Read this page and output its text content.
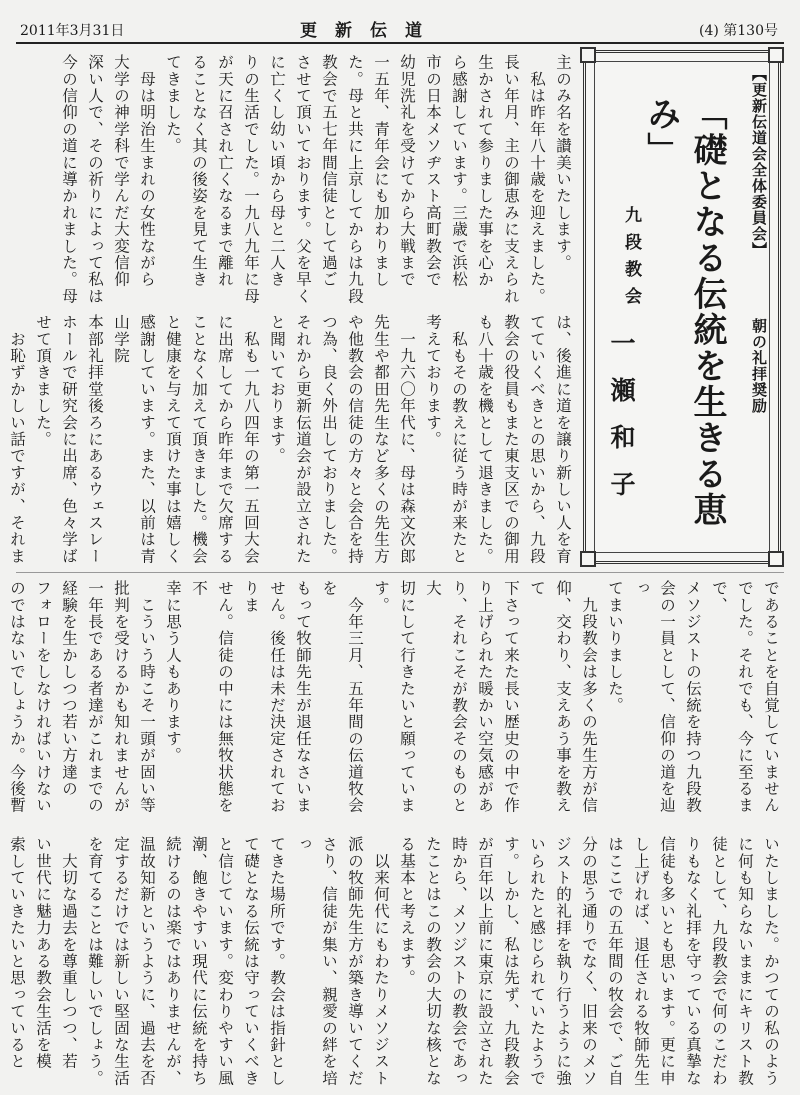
2011年3月31日	更新伝道	(4) 第130号
【更新伝道会全体委員会】
朝の礼拝奨励
「礎となる伝統を生きる恵み」
九段教会
一瀬和子
主のみ名を讃美いたします。
　私は昨年八十歳を迎えました。
長い年月、主の御恵みに支えられ
生かされて参りました事を心か
ら感謝しています。三歳で浜松
市の日本メソヂスト高町教会で
幼児洗礼を受けてから大戦まで
一五年、青年会にも加わりまし
た。母と共に上京してからは九段
教会で五七年間信徒として過ご
させて頂いております。父を早く
に亡くし幼い頃から母と二人き
りの生活でした。一九八九年に母
が天に召され亡くなるまで離れ
ることなく其の後姿を見て生き
てきました。
　母は明治生まれの女性ながら
大学の神学科で学んだ大変信仰
深い人で、その祈りによって私は
今の信仰の道に導かれました。母
は、後進に道を譲り新しい人を育
てていくべきとの思いから、九段
教会の役員もまた東支区での御用
も八十歳を機として退きました。
　私もその教えに従う時が来たと
考えております。
　一九六〇年代に、母は森文次郎
先生や都田先生など多くの先生方
や他教会の信徒の方々と会合を持
つ為、良く外出しておりました。
それから更新伝道会が設立された
と聞いております。
　私も一九八四年の第一五回大会
に出席してから昨年まで欠席する
ことなく加えて頂きました。機会
と健康を与えて頂けた事は嬉しく
感謝しています。また、以前は青山学院
本部礼拝堂後ろにあるウェスレー
ホールで研究会に出席、色々学ば
せて頂きました。
　お恥ずかしい話ですが、それま

であることを自覚していません
でした。それでも、今に至るまで、
メソジストの伝統を持つ九段教
会の一員として、信仰の道を辿っ
てまいりました。
　九段教会は多くの先生方が信
仰、交わり、支えあう事を教えて
下さって来た長い歴史の中で作
り上げられた暖かい空気感があ
り、それこそが教会そのものと大
切にして行きたいと願っています。
　今年三月、五年間の伝道牧会を
もって牧師先生が退任なさいま
せん。後任は未だ決定されておりま
せん。信徒の中には無牧状態を不
幸に思う人もあります。
　こういう時こそ一頭が固い等
批判を受けるかも知れませんが
一年長である者達がこれまでの
経験を生かしつつ若い方達の
フォローをしなければいけない
のではないでしょうか。今後暫

いたしました。かつての私のよう
に何も知らないままにキリスト教
徒として、九段教会で何のこだわ
りもなく礼拝を守っている真摯な
信徒も多いとも思います。更に申
し上げれば、退任される牧師先生
はここでの五年間の牧会で、ご自
分の思う通りでなく、旧来のメソ
ジスト的礼拝を執り行うように強
いられたと感じられていたようで
す。しかし、私は先ず、九段教会
が百年以上前に東京に設立された
時から、メソジストの教会であっ
たことはこの教会の大切な核とな
る基本と考えます。
　以来何代にもわたりメソジスト
派の牧師先生方が築き導いてくだ
さり、信徒が集い、親愛の絆を培っ
てきた場所です。教会は指針とし
て礎となる伝統は守っていくべき
と信じています。変わりやすい風
潮、飽きやすい現代に伝統を持ち
続けるのは楽ではありませんが、
温故知新というように、過去を否
定するだけでは新しい堅固な生活
を育てることは難しいでしょう。
　大切な過去を尊重しつつ、若
い世代に魅力ある教会生活を模
索していきたいと思っていると
